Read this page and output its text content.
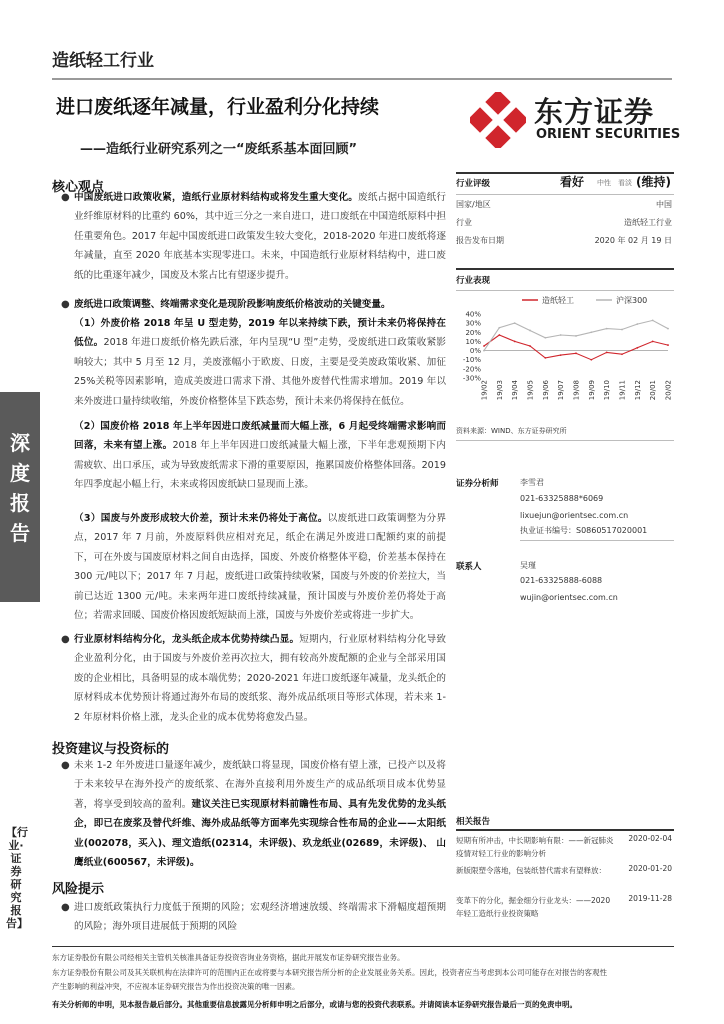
造纸轻工行业
进口废纸逐年减量，行业盈利分化持续
——造纸行业研究系列之一“废纸系基本面回顾”
东方证券
ORIENT SECURITIES
深度报告
【行业·证券研究报告】
核心观点
● 中国废纸进口政策收紧，造纸行业原材料结构或将发生重大变化。废纸占据中国造纸行业纤维原材料的比重约 60%，其中近三分之一来自进口，进口废纸在中国造纸原料中担任重要角色。2017 年起中国废纸进口政策发生较大变化，2018-2020 年进口废纸将逐年减量，直至 2020 年底基本实现零进口。未来，中国造纸行业原材料结构中，进口废纸的比重逐年减少，国废及木浆占比有望逐步提升。
● 废纸进口政策调整、终端需求变化是现阶段影响废纸价格波动的关键变量。
（1）外废价格 2018 年呈 U 型走势，2019 年以来持续下跌，预计未来仍将保持在低位。2018 年进口废纸价格先跌后涨，年内呈现“U 型”走势，受废纸进口政策收紧影响较大；其中 5 月至 12 月，美废涨幅小于欧废、日废，主要是受美废政策收紧、加征 25%关税等因素影响，造成美废进口需求下滑、其他外废替代性需求增加。2019 年以来外废进口量持续收缩，外废价格整体呈下跌态势，预计未来仍将保持在低位。
（2）国废价格 2018 年上半年因进口废纸减量而大幅上涨，6 月起受终端需求影响而回落，未来有望上涨。2018 年上半年因进口废纸减量大幅上涨，下半年悲观预期下内需疲软、出口承压，或为导致废纸需求下滑的重要原因，拖累国废价格整体回落。2019 年四季度起小幅上行，未来或将因废纸缺口显现而上涨。
（3）国废与外废形成较大价差，预计未来仍将处于高位。以废纸进口政策调整为分界点，2017 年 7 月前，外废原料供应相对充足，纸企在满足外废进口配额约束的前提下，可在外废与国废原材料之间自由选择，国废、外废价格整体平稳，价差基本保持在 300 元/吨以下；2017 年 7 月起，废纸进口政策持续收紧，国废与外废的价差拉大，当前已达近 1300 元/吨。未来两年进口废纸持续减量，预计国废与外废价差仍将处于高位；若需求回暖、国废价格因废纸短缺而上涨，国废与外废价差或将进一步扩大。
● 行业原材料结构分化，龙头纸企成本优势持续凸显。短期内，行业原材料结构分化导致企业盈利分化，由于国废与外废价差再次拉大，拥有较高外废配额的企业与全部采用国废的企业相比，具备明显的成本端优势；2020-2021 年进口废纸逐年减量，龙头纸企的原材料成本优势预计将通过海外布局的废纸浆、海外成品纸项目等形式体现，若未来 1-2 年原材料价格上涨，龙头企业的成本优势将愈发凸显。
投资建议与投资标的
● 未来 1-2 年外废进口量逐年减少，废纸缺口将显现，国废价格有望上涨，已投产以及将于未来较早在海外投产的废纸浆、在海外直接利用外废生产的成品纸项目成本优势显著，将享受到较高的盈利。建议关注已实现原材料前瞻性布局、具有先发优势的龙头纸企，即已在废浆及替代纤维、海外成品纸等方面率先实现综合性布局的企业——太阳纸业(002078，买入)、理文造纸(02314，未评级)、玖龙纸业(02689，未评级)、 山鹰纸业(600567，未评级)。
风险提示
● 进口废纸政策执行力度低于预期的风险；宏观经济增速放缓、终端需求下滑幅度超预期的风险；海外项目进展低于预期的风险
行业评级	看好 中性 看淡 (维持)
国家/地区	中国
行业	造纸轻工行业
报告发布日期	2020 年 02 月 19 日
行业表现
造纸轻工	沪深300
40%
30%
20%
10%
0%
-10%
-20%
-30%
19/02 19/03 19/04 19/05 19/06 19/07 19/08 19/09 19/10 19/11 19/12 20/01 20/02
资料来源：WIND、东方证券研究所
证券分析师	李雪君
021-63325888*6069
lixuejun@orientsec.com.cn
执业证书编号：S0860517020001
联系人	吴瑾
021-63325888-6088
wujin@orientsec.com.cn
相关报告
短期有所冲击，中长期影响有限：——新冠肺炎疫情对轻工行业的影响分析
2020-02-04
新版限塑令落地，包装纸替代需求有望释放：	2020-01-20
变革下的分化，掘金细分行业龙头：——2020 年轻工造纸行业投资策略
2019-11-28
东方证券股份有限公司经相关主管机关核准具备证券投资咨询业务资格，据此开展发布证券研究报告业务。
东方证券股份有限公司及其关联机构在法律许可的范围内正在或将要与本研究报告所分析的企业发展业务关系。因此，投资者应当考虑到本公司可能存在对报告的客观性
产生影响的利益冲突，不应视本证券研究报告为作出投资决策的唯一因素。
有关分析师的申明，见本报告最后部分。其他重要信息披露见分析师申明之后部分，或请与您的投资代表联系。并请阅读本证券研究报告最后一页的免责申明。
